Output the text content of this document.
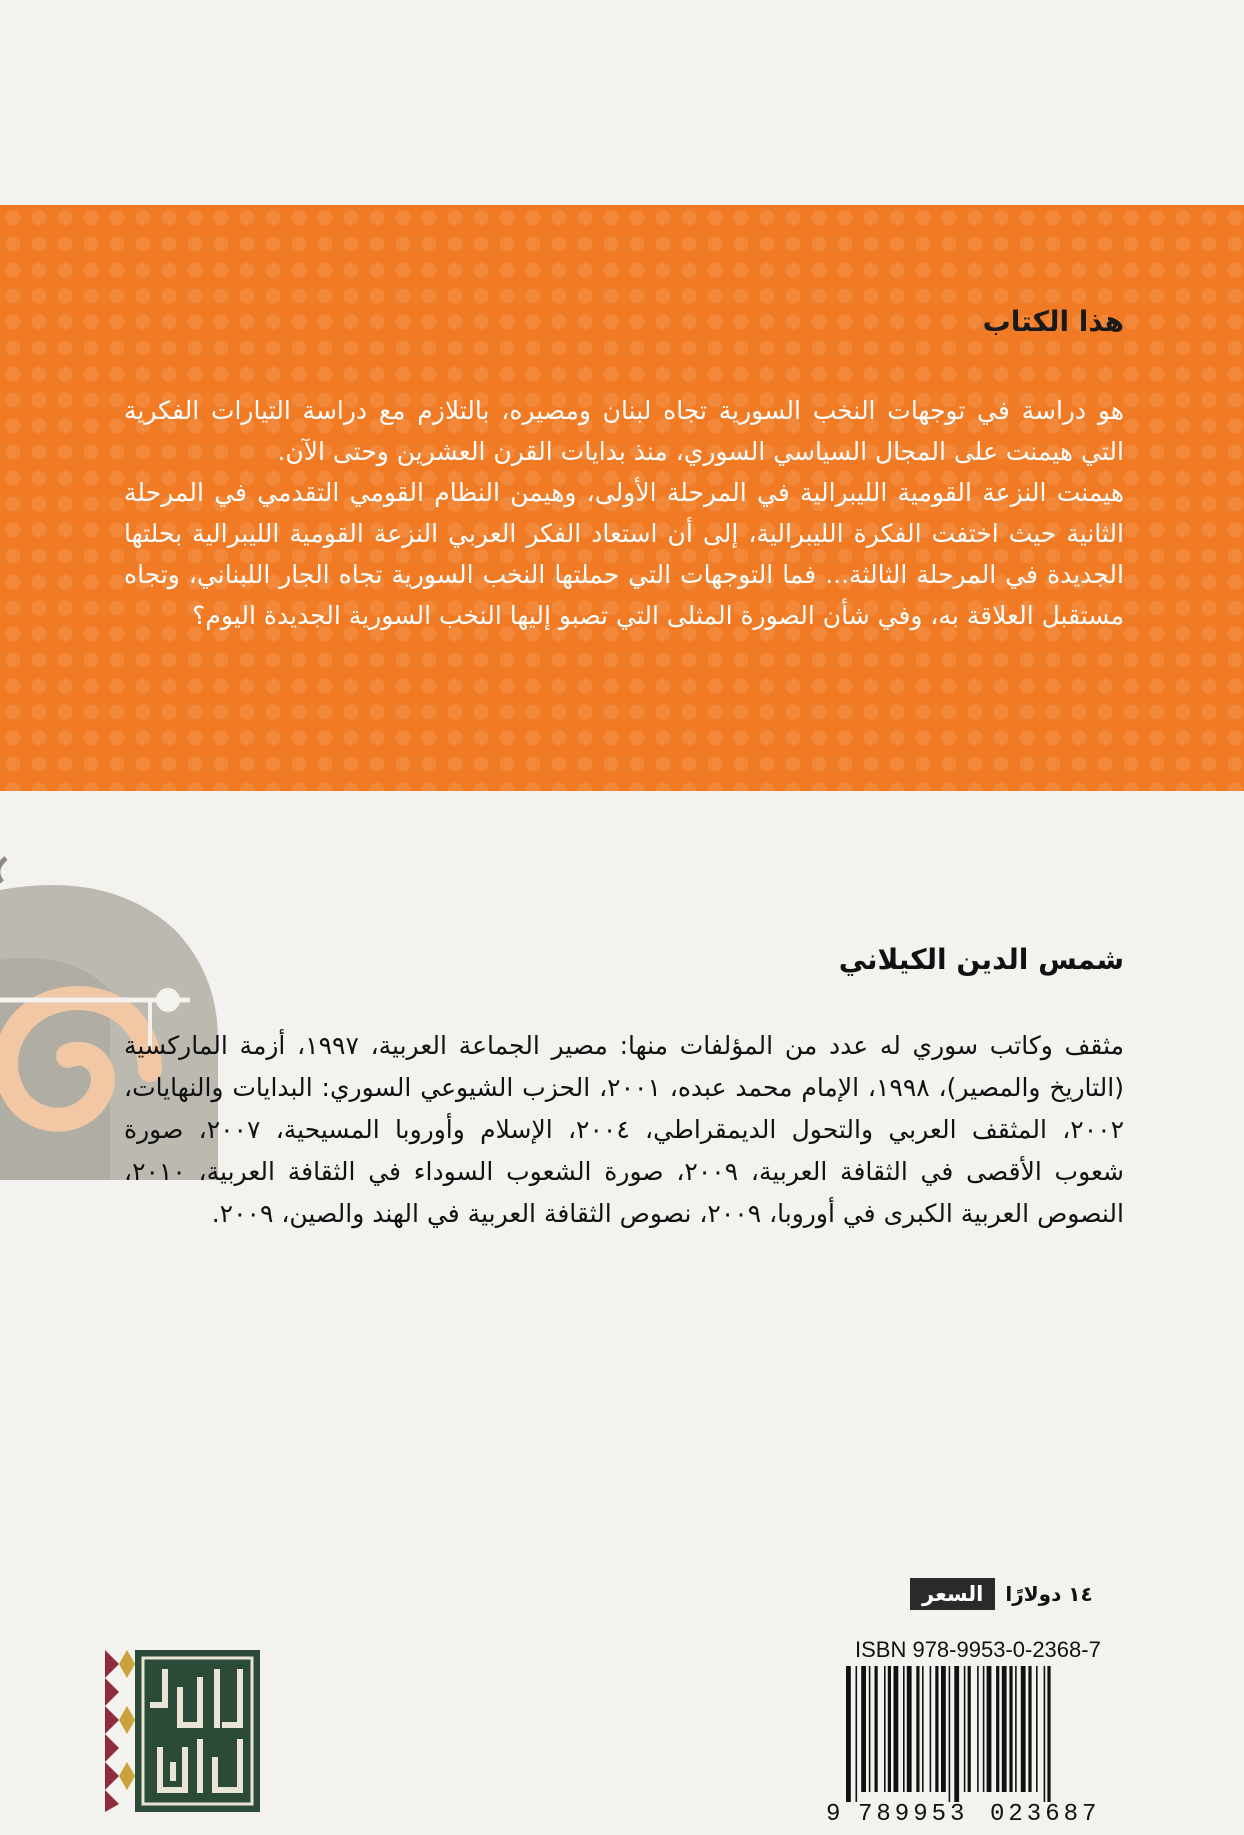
هذا الكتاب

هو دراسة في توجهات النخب السورية تجاه لبنان ومصيره، بالتلازم مع دراسة التيارات الفكرية التي هيمنت على المجال السياسي السوري، منذ بدايات القرن العشرين وحتى الآن.
هيمنت النزعة القومية الليبرالية في المرحلة الأولى، وهيمن النظام القومي التقدمي في المرحلة الثانية حيث اختفت الفكرة الليبرالية، إلى أن استعاد الفكر العربي النزعة القومية الليبرالية بحلتها الجديدة في المرحلة الثالثة... فما التوجهات التي حملتها النخب السورية تجاه الجار اللبناني، وتجاه مستقبل العلاقة به، وفي شأن الصورة المثلى التي تصبو إليها النخب السورية الجديدة اليوم؟

شمس الدين الكيلاني

مثقف وكاتب سوري له عدد من المؤلفات منها: مصير الجماعة العربية، ١٩٩٧، أزمة الماركسية (التاريخ والمصير)، ١٩٩٨، الإمام محمد عبده، ٢٠٠١، الحزب الشيوعي السوري: البدايات والنهايات، ٢٠٠٢، المثقف العربي والتحول الديمقراطي، ٢٠٠٤، الإسلام وأوروبا المسيحية، ٢٠٠٧، صورة شعوب الأقصى في الثقافة العربية، ٢٠٠٩، صورة الشعوب السوداء في الثقافة العربية، ٢٠١٠، النصوص العربية الكبرى في أوروبا، ٢٠٠٩، نصوص الثقافة العربية في الهند والصين، ٢٠٠٩.

السعر	١٤ دولارًا
ISBN 978-9953-0-2368-7
9 789953 023687
